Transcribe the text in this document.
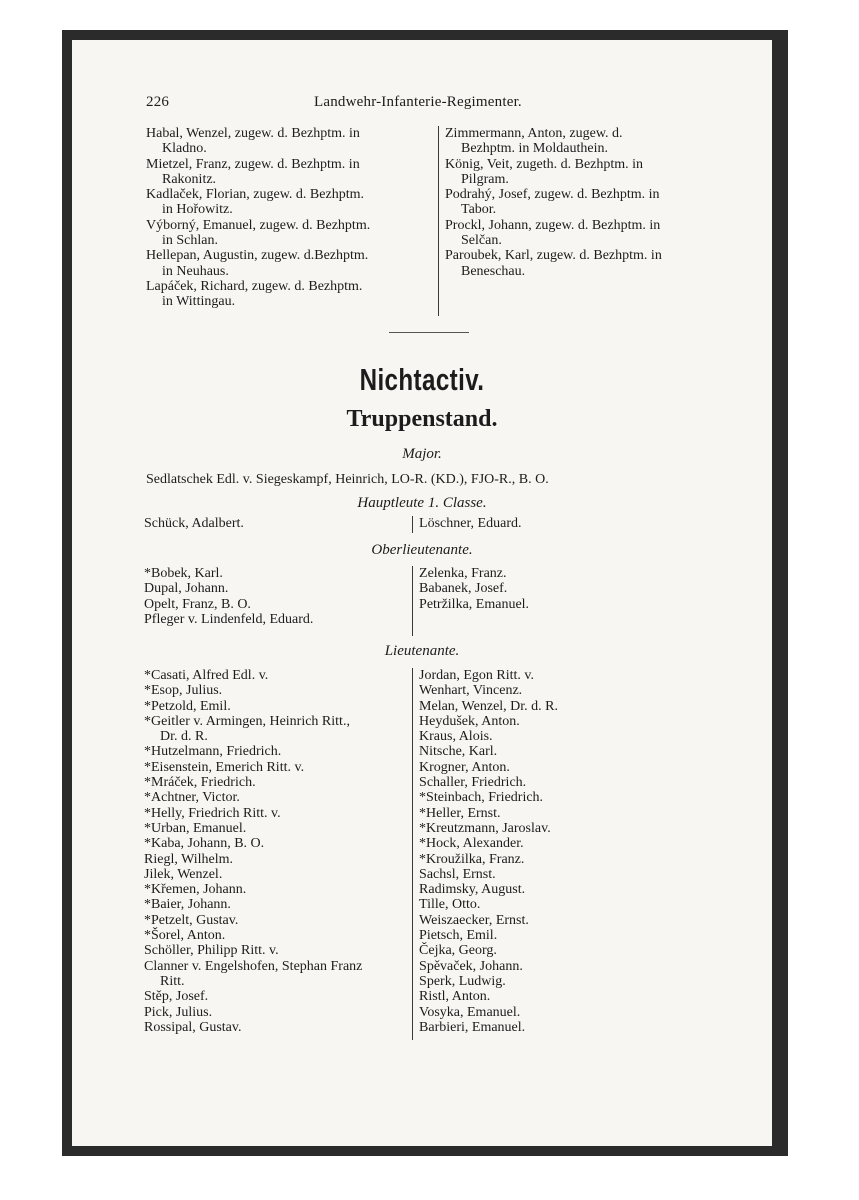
226	Landwehr-Infanterie-Regimenter.

Habal, Wenzel, zugew. d. Bezhptm. in
Kladno.

Mietzel, Franz, zugew. d. Bezhptm. in
Rakonitz.

Kadlaček, Florian, zugew. d. Bezhptm.
in Hořowitz.

Výborný, Emanuel, zugew. d. Bezhptm.
in Schlan.

Hellepan, Augustin, zugew. d.Bezhptm.
in Neuhaus.

Lapáček, Richard, zugew. d. Bezhptm.
in Wittingau.

Zimmermann, Anton, zugew. d.
Bezhptm. in Moldauthein.

König, Veit, zugeth. d. Bezhptm. in
Pilgram.

Podrahý, Josef, zugew. d. Bezhptm. in
Tabor.

Prockl, Johann, zugew. d. Bezhptm. in
Selčan.

Paroubek, Karl, zugew. d. Bezhptm. in
Beneschau.

Nichtactiv.
Truppenstand.
Major.
Sedlatschek Edl. v. Siegeskampf, Heinrich, LO-R. (KD.), FJO-R., B. O.
Hauptleute 1. Classe.

Schück, Adalbert.	Löschner, Eduard.

Oberlieutenante.

*Bobek, Karl.

Dupal, Johann.

Opelt, Franz, B. O.

Pfleger v. Lindenfeld, Eduard.

Zelenka, Franz.

Babanek, Josef.

Petržilka, Emanuel.

Lieutenante.

*Casati, Alfred Edl. v.

*Esop, Julius.

*Petzold, Emil.

*Geitler v. Armingen, Heinrich Ritt.,
Dr. d. R.

*Hutzelmann, Friedrich.

*Eisenstein, Emerich Ritt. v.

*Mráček, Friedrich.

*Achtner, Victor.

*Helly, Friedrich Ritt. v.

*Urban, Emanuel.

*Kaba, Johann, B. O.

Riegl, Wilhelm.

Jilek, Wenzel.

*Křemen, Johann.

*Baier, Johann.

*Petzelt, Gustav.

*Šorel, Anton.

Schöller, Philipp Ritt. v.

Clanner v. Engelshofen, Stephan Franz
Ritt.

Stěp, Josef.

Pick, Julius.

Rossipal, Gustav.

Jordan, Egon Ritt. v.

Wenhart, Vincenz.

Melan, Wenzel, Dr. d. R.

Heydušek, Anton.

Kraus, Alois.

Nitsche, Karl.

Krogner, Anton.

Schaller, Friedrich.

*Steinbach, Friedrich.

*Heller, Ernst.

*Kreutzmann, Jaroslav.

*Hock, Alexander.

*Kroužilka, Franz.

Sachsl, Ernst.

Radimsky, August.

Tille, Otto.

Weiszaecker, Ernst.

Pietsch, Emil.

Čejka, Georg.

Spěvaček, Johann.

Sperk, Ludwig.

Ristl, Anton.

Vosyka, Emanuel.

Barbieri, Emanuel.
